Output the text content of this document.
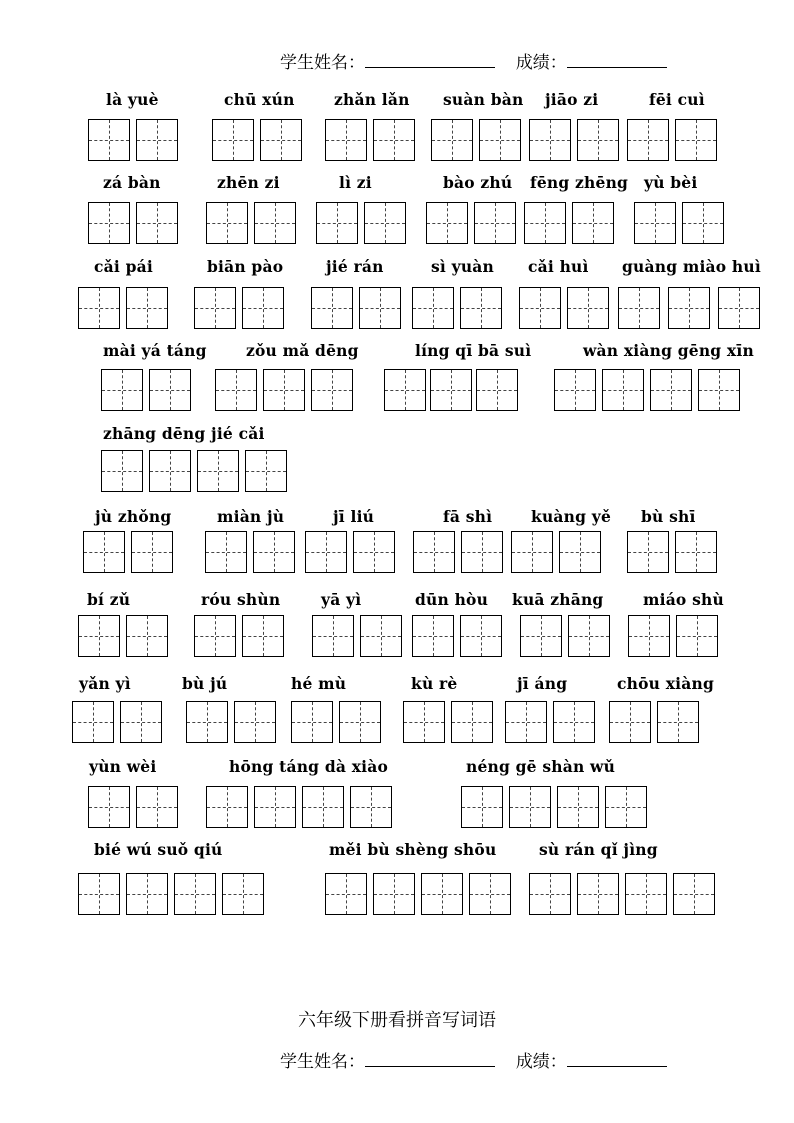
学生姓名：	成绩：
là yuè	chū xún	zhǎn lǎn suàn bàn jiāo zi	fēi cuì
zá bàn	zhēn zi	lì zi	bào zhú fēng zhēng yù bèi
cǎi pái	biān pào	jié rán	sì yuàn cǎi huì guàng miào huì
mài yá táng	zǒu mǎ dēng	líng qī bā suì	wàn xiàng gēng xīn
zhāng dēng jié cǎi
jù zhǒng	miàn jù	jī liú	fā shì	kuàng yě bù shī
bí zǔ	róu shùn	yā yì	dūn hòu kuā zhāng	miáo shù
yǎn yì	bù jú	hé mù	kù rè	jī áng	chōu xiàng
yùn wèi	hōng táng dà xiào	néng gē shàn wǔ
bié wú suǒ qiú	měi bù shèng shōu	sù rán qǐ jìng
六年级下册看拼音写词语
学生姓名：	成绩：
